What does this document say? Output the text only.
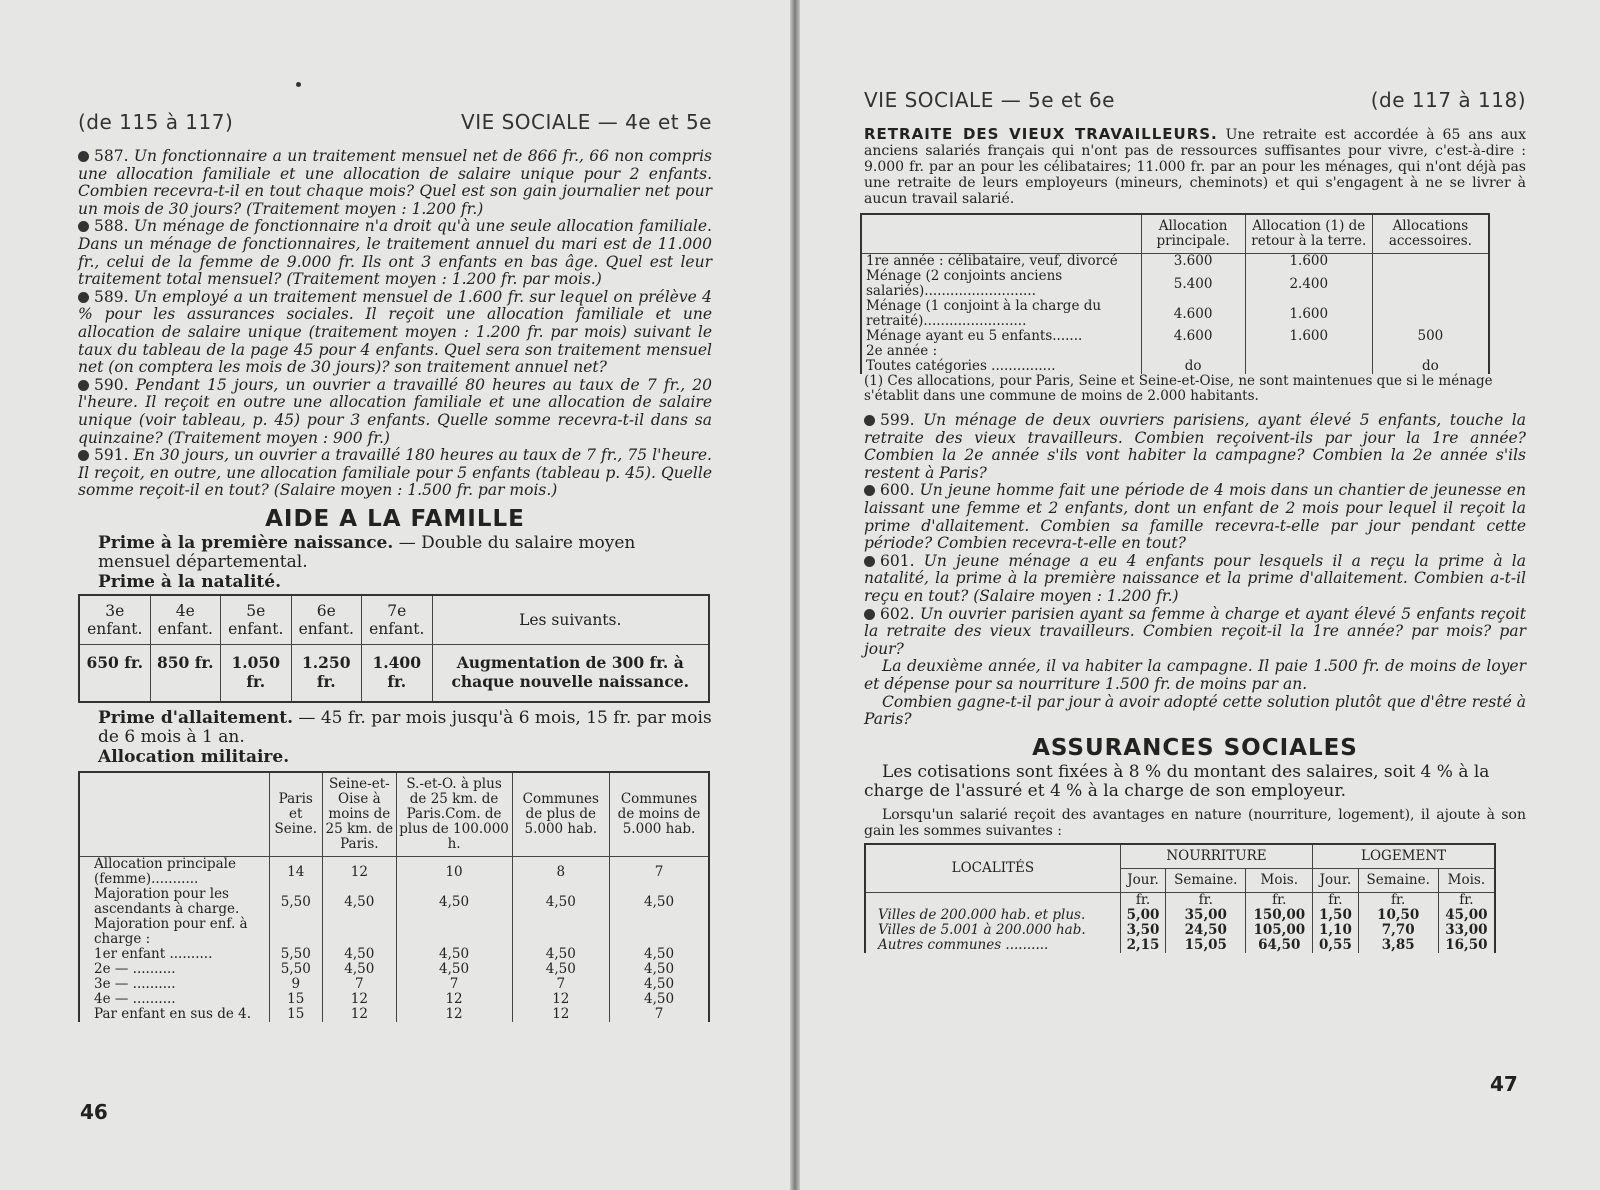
(de 115 à 117)	VIE SOCIALE — 4e et 5e
587. Un fonctionnaire a un traitement mensuel net de 866 fr., 66 non compris une allocation familiale et une allocation de salaire unique pour 2 enfants. Combien recevra-t-il en tout chaque mois? Quel est son gain journalier net pour un mois de 30 jours? (Traitement moyen : 1.200 fr.)
588. Un ménage de fonctionnaire n'a droit qu'à une seule allocation familiale. Dans un ménage de fonctionnaires, le traitement annuel du mari est de 11.000 fr., celui de la femme de 9.000 fr. Ils ont 3 enfants en bas âge. Quel est leur traitement total mensuel? (Traitement moyen : 1.200 fr. par mois.)
589. Un employé a un traitement mensuel de 1.600 fr. sur lequel on prélève 4 % pour les assurances sociales. Il reçoit une allocation familiale et une allocation de salaire unique (traitement moyen : 1.200 fr. par mois) suivant le taux du tableau de la page 45 pour 4 enfants. Quel sera son traitement mensuel net (on comptera les mois de 30 jours)? son traitement annuel net?
590. Pendant 15 jours, un ouvrier a travaillé 80 heures au taux de 7 fr., 20 l'heure. Il reçoit en outre une allocation familiale et une allocation de salaire unique (voir tableau, p. 45) pour 3 enfants. Quelle somme recevra-t-il dans sa quinzaine? (Traitement moyen : 900 fr.)
591. En 30 jours, un ouvrier a travaillé 180 heures au taux de 7 fr., 75 l'heure. Il reçoit, en outre, une allocation familiale pour 5 enfants (tableau p. 45). Quelle somme reçoit-il en tout? (Salaire moyen : 1.500 fr. par mois.)
AIDE A LA FAMILLE
Prime à la première naissance. — Double du salaire moyen mensuel départemental.
Prime à la natalité.
3e enfant.	4e enfant.	5e enfant.	6e enfant.	7e enfant.	Les suivants.
650 fr.	850 fr.	1.050 fr.	1.250 fr.	1.400 fr.	Augmentation de 300 fr. à chaque nouvelle naissance.
Prime d'allaitement. — 45 fr. par mois jusqu'à 6 mois, 15 fr. par mois de 6 mois à 1 an.
Allocation militaire.
	Paris et Seine.	Seine-et-Oise à moins de 25 km. de Paris.	S.-et-O. à plus de 25 km. de Paris.Com. de plus de 100.000 h.	Communes de plus de 5.000 hab.	Communes de moins de 5.000 hab.
Allocation principale (femme)...........	14	12	10	8	7
Majoration pour les ascendants à charge.	5,50	4,50	4,50	4,50	4,50
Majoration pour enf. à charge :					
1er enfant ..........	5,50	4,50	4,50	4,50	4,50
2e — ..........	5,50	4,50	4,50	4,50	4,50
3e — ..........	9	7	7	7	4,50
4e — ..........	15	12	12	12	4,50
Par enfant en sus de 4.	15	12	12	12	7
46
VIE SOCIALE — 5e et 6e	(de 117 à 118)
RETRAITE DES VIEUX TRAVAILLEURS. Une retraite est accordée à 65 ans aux anciens salariés français qui n'ont pas de ressources suffisantes pour vivre, c'est-à-dire : 9.000 fr. par an pour les célibataires; 11.000 fr. par an pour les ménages, qui n'ont déjà pas une retraite de leurs employeurs (mineurs, cheminots) et qui s'engagent à ne se livrer à aucun travail salarié.
	Allocation principale.	Allocation (1) de retour à la terre.	Allocations accessoires.
1re année : célibataire, veuf, divorcé	3.600	1.600	
Ménage (2 conjoints anciens salariés)..........................	5.400	2.400	
Ménage (1 conjoint à la charge du retraité)........................	4.600	1.600	
Ménage ayant eu 5 enfants.......	4.600	1.600	500
2e année :			
Toutes catégories ...............	do		do
(1) Ces allocations, pour Paris, Seine et Seine-et-Oise, ne sont maintenues que si le ménage s'établit dans une commune de moins de 2.000 habitants.
599. Un ménage de deux ouvriers parisiens, ayant élevé 5 enfants, touche la retraite des vieux travailleurs. Combien reçoivent-ils par jour la 1re année? Combien la 2e année s'ils vont habiter la campagne? Combien la 2e année s'ils restent à Paris?
600. Un jeune homme fait une période de 4 mois dans un chantier de jeunesse en laissant une femme et 2 enfants, dont un enfant de 2 mois pour lequel il reçoit la prime d'allaitement. Combien sa famille recevra-t-elle par jour pendant cette période? Combien recevra-t-elle en tout?
601. Un jeune ménage a eu 4 enfants pour lesquels il a reçu la prime à la natalité, la prime à la première naissance et la prime d'allaitement. Combien a-t-il reçu en tout? (Salaire moyen : 1.200 fr.)
602. Un ouvrier parisien ayant sa femme à charge et ayant élevé 5 enfants reçoit la retraite des vieux travailleurs. Combien reçoit-il la 1re année? par mois? par jour?
La deuxième année, il va habiter la campagne. Il paie 1.500 fr. de moins de loyer et dépense pour sa nourriture 1.500 fr. de moins par an.
Combien gagne-t-il par jour à avoir adopté cette solution plutôt que d'être resté à Paris?
ASSURANCES SOCIALES
Les cotisations sont fixées à 8 % du montant des salaires, soit 4 % à la charge de l'assuré et 4 % à la charge de son employeur.
Lorsqu'un salarié reçoit des avantages en nature (nourriture, logement), il ajoute à son gain les sommes suivantes :
LOCALITÉS	NOURRITURE			LOGEMENT		
	Jour.	Semaine.	Mois.	Jour.	Semaine.	Mois.
	fr.	fr.	fr.	fr.	fr.	fr.
Villes de 200.000 hab. et plus.	5,00	35,00	150,00	1,50	10,50	45,00
Villes de 5.001 à 200.000 hab.	3,50	24,50	105,00	1,10	7,70	33,00
Autres communes ..........	2,15	15,05	64,50	0,55	3,85	16,50
47
